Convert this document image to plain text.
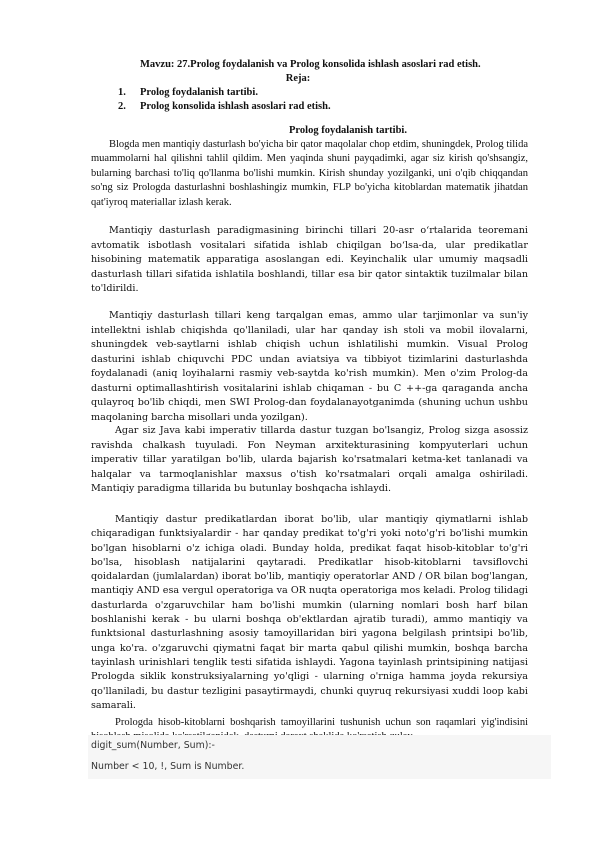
Mavzu: 27.Prolog foydalanish va Prolog konsolida ishlash asoslari rad etish.
Reja:
1. Prolog foydalanish tartibi.
2. Prolog konsolida ishlash asoslari rad etish.
Prolog foydalanish tartibi.

Blogda men mantiqiy dasturlash bo'yicha bir qator maqolalar chop etdim, shuningdek, Prolog tilida muammolarni hal qilishni tahlil qildim. Men yaqinda shuni payqadimki, agar siz kirish qo'shsangiz, bularning barchasi to'liq qo'llanma bo'lishi mumkin. Kirish shunday yozilganki, uni o'qib chiqqandan so'ng siz Prologda dasturlashni boshlashingiz mumkin, FLP bo'yicha kitoblardan matematik jihatdan qat'iyroq materiallar izlash kerak.

Mantiqiy dasturlash paradigmasining birinchi tillari 20-asr o‘rtalarida teoremani avtomatik isbotlash vositalari sifatida ishlab chiqilgan bo‘lsa-da, ular predikatlar hisobining matematik apparatiga asoslangan edi. Keyinchalik ular umumiy maqsadli dasturlash tillari sifatida ishlatila boshlandi, tillar esa bir qator sintaktik tuzilmalar bilan to'ldirildi.

Mantiqiy dasturlash tillari keng tarqalgan emas, ammo ular tarjimonlar va sun'iy intellektni ishlab chiqishda qo'llaniladi, ular har qanday ish stoli va mobil ilovalarni, shuningdek veb-saytlarni ishlab chiqish uchun ishlatilishi mumkin. Visual Prolog dasturini ishlab chiquvchi PDC undan aviatsiya va tibbiyot tizimlarini dasturlashda foydalanadi (aniq loyihalarni rasmiy veb-saytda ko'rish mumkin). Men o'zim Prolog-da dasturni optimallashtirish vositalarini ishlab chiqaman - bu C ++-ga qaraganda ancha qulayroq bo'lib chiqdi, men SWI Prolog-dan foydalanayotganimda (shuning uchun ushbu maqolaning barcha misollari unda yozilgan).

Agar siz Java kabi imperativ tillarda dastur tuzgan bo'lsangiz, Prolog sizga asossiz ravishda chalkash tuyuladi. Fon Neyman arxitekturasining kompyuterlari uchun imperativ tillar yaratilgan bo'lib, ularda bajarish ko'rsatmalari ketma-ket tanlanadi va halqalar va tarmoqlanishlar maxsus o'tish ko'rsatmalari orqali amalga oshiriladi. Mantiqiy paradigma tillarida bu butunlay boshqacha ishlaydi.

Mantiqiy dastur predikatlardan iborat bo'lib, ular mantiqiy qiymatlarni ishlab chiqaradigan funktsiyalardir - har qanday predikat to'g'ri yoki noto'g'ri bo'lishi mumkin bo'lgan hisoblarni o'z ichiga oladi. Bunday holda, predikat faqat hisob-kitoblar to'g'ri bo'lsa, hisoblash natijalarini qaytaradi. Predikatlar hisob-kitoblarni tavsiflovchi qoidalardan (jumlalardan) iborat bo'lib, mantiqiy operatorlar AND / OR bilan bog'langan, mantiqiy AND esa vergul operatoriga va OR nuqta operatoriga mos keladi. Prolog tilidagi dasturlarda o'zgaruvchilar ham bo'lishi mumkin (ularning nomlari bosh harf bilan boshlanishi kerak - bu ularni boshqa ob'ektlardan ajratib turadi), ammo mantiqiy va funktsional dasturlashning asosiy tamoyillaridan biri yagona belgilash printsipi bo'lib, unga ko'ra. o'zgaruvchi qiymatni faqat bir marta qabul qilishi mumkin, boshqa barcha tayinlash urinishlari tenglik testi sifatida ishlaydi. Yagona tayinlash printsipining natijasi Prologda siklik konstruksiyalarning yo'qligi - ularning o'rniga hamma joyda rekursiya qo'llaniladi, bu dastur tezligini pasaytirmaydi, chunki quyruq rekursiyasi xuddi loop kabi samarali.

Prologda hisob-kitoblarni boshqarish tamoyillarini tushunish uchun son raqamlari yig'indisini

digit_sum(Number, Sum):-
Number < 10, !, Sum is Number.
